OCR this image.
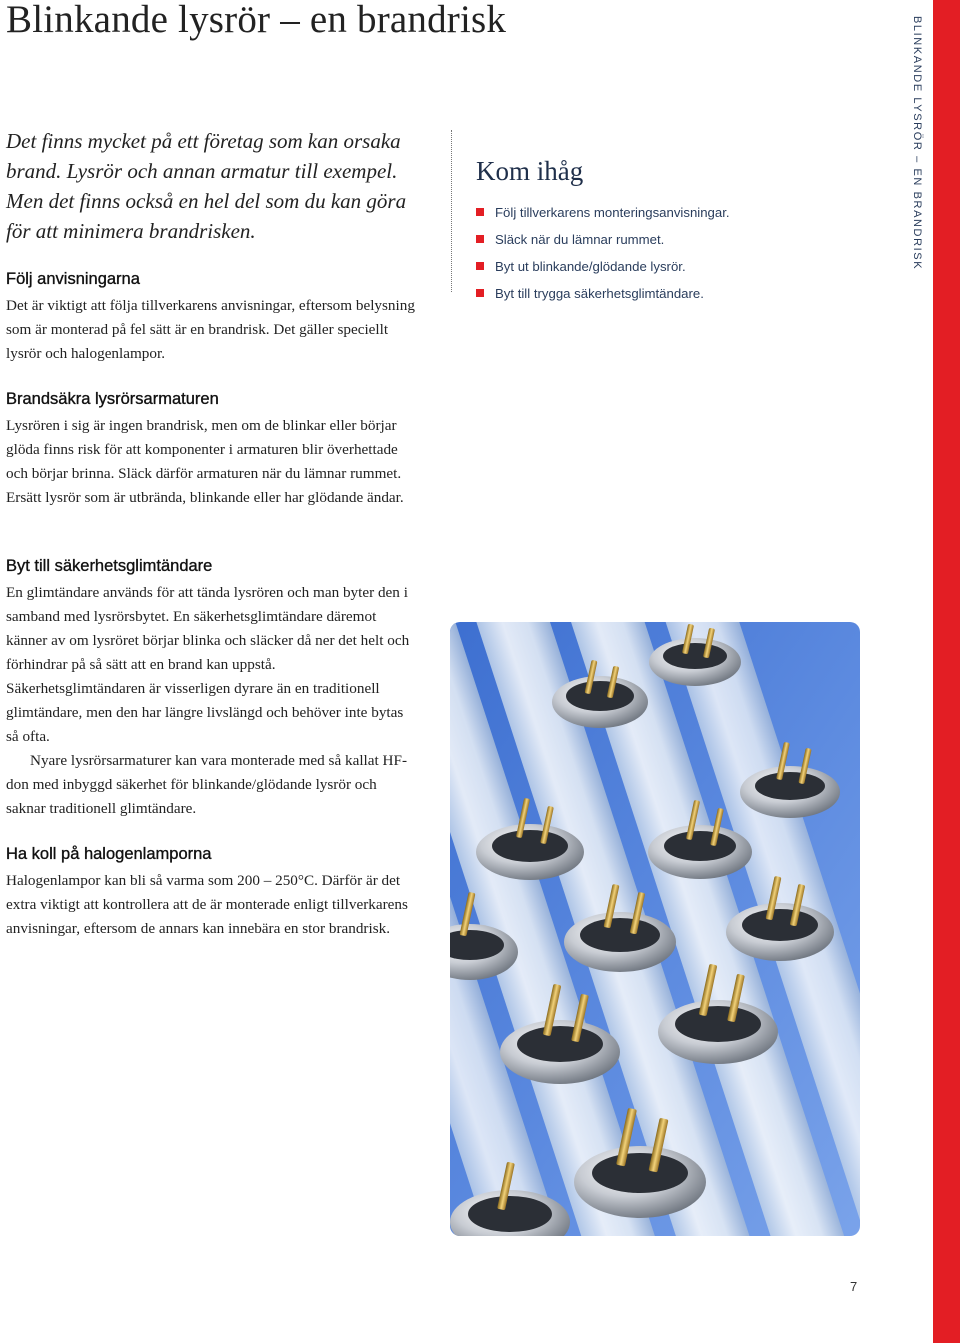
Blinkande lysrör – en brandrisk

Det finns mycket på ett företag som kan orsaka brand. Lysrör och annan armatur till exempel. Men det finns också en hel del som du kan göra för att minimera brandrisken.

Följ anvisningarna

Det är viktigt att följa tillverkarens anvisningar, eftersom belysning som är monterad på fel sätt är en brandrisk. Det gäller speciellt lysrör och halogenlampor.

Brandsäkra lysrörsarmaturen

Lysrören i sig är ingen brandrisk, men om de blinkar eller börjar glöda finns risk för att komponenter i armaturen blir överhettade och börjar brinna. Släck därför armaturen när du lämnar rummet. Ersätt lysrör som är utbrända, blinkande eller har glödande ändar.

Byt till säkerhetsglimtändare

En glimtändare används för att tända lysrören och man byter den i samband med lysrörsbytet. En säkerhetsglimtändare däremot känner av om lysröret börjar blinka och släcker då ner det helt och förhindrar på så sätt att en brand kan uppstå. Säkerhetsglimtändaren är visserligen dyrare än en traditionell glimtändare, men den har längre livslängd och behöver inte bytas så ofta.

Nyare lysrörsarmaturer kan vara monterade med så kallat HF-don med inbyggd säkerhet för blinkande/glödande lysrör och saknar traditionell glimtändare.

Ha koll på halogenlamporna

Halogenlampor kan bli så varma som 200 – 250°C. Därför är det extra viktigt att kontrollera att de är monterade enligt tillverkarens anvisningar, eftersom de annars kan innebära en stor brandrisk.

Kom ihåg
Följ tillverkarens monteringsanvisningar.
Släck när du lämnar rummet.
Byt ut blinkande/glödande lysrör.
Byt till trygga säkerhetsglimtändare.
BLINKANDE LYSRÖR – EN BRANDRISK
7
